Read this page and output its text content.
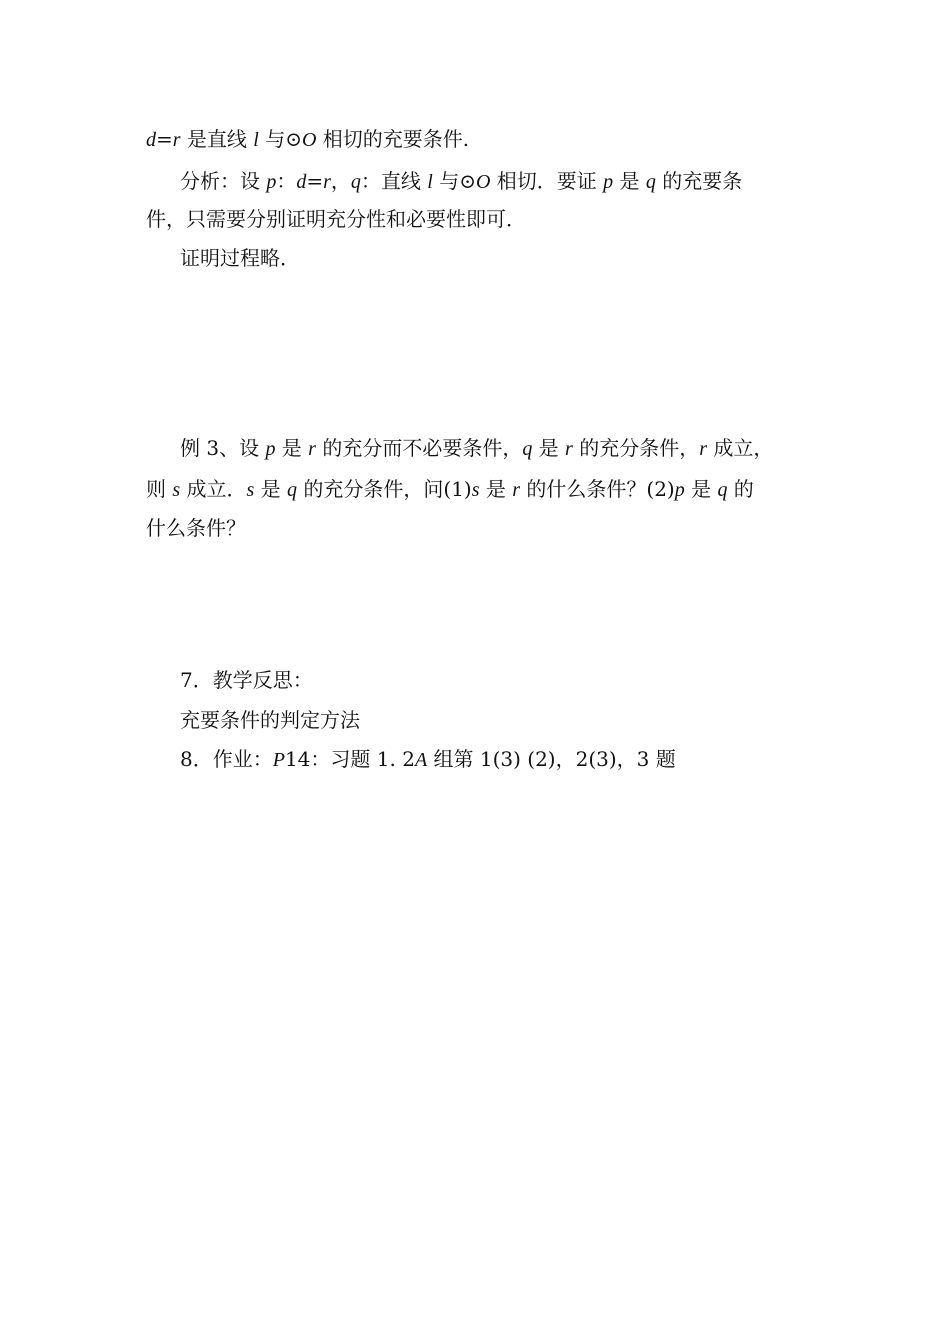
d=r 是直线 l 与⊙O 相切的充要条件.
分析：设 p：d=r，q：直线 l 与⊙O 相切．要证 p 是 q 的充要条
件，只需要分别证明充分性和必要性即可．
证明过程略．
例 3、设 p 是 r 的充分而不必要条件，q 是 r 的充分条件，r 成立，
则 s 成立．s 是 q 的充分条件，问(1)s 是 r 的什么条件？(2)p 是 q 的
什么条件？
7．教学反思：
充要条件的判定方法
8．作业：P14：习题 1. 2A 组第 1(3) (2)，2(3)，3 题
